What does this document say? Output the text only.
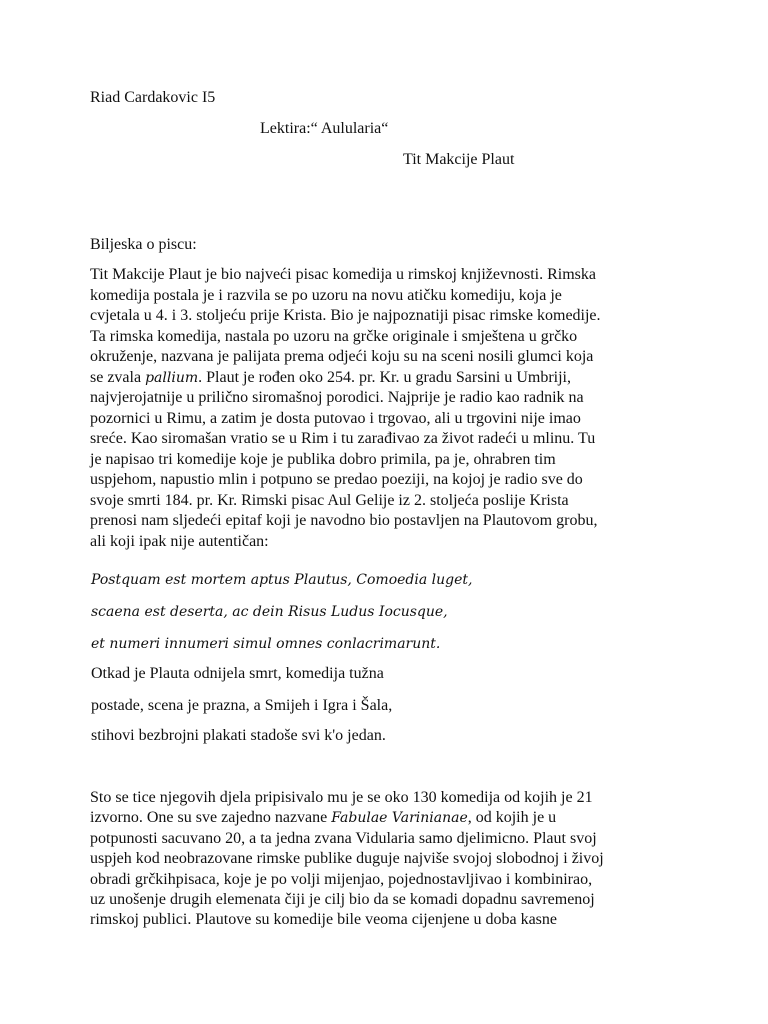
Riad Cardakovic I5
Lektira:“ Aulularia“
Tit Makcije Plaut
Biljeska o piscu:

Tit Makcije Plaut je bio najveći pisac komedija u rimskoj književnosti. Rimska

komedija postala je i razvila se po uzoru na novu atičku komediju, koja je

cvjetala u 4. i 3. stoljeću prije Krista. Bio je najpoznatiji pisac rimske komedije.

Ta rimska komedija, nastala po uzoru na grčke originale i smještena u grčko

okruženje, nazvana je palijata prema odjeći koju su na sceni nosili glumci koja

se zvala pallium. Plaut je rođen oko 254. pr. Kr. u gradu Sarsini u Umbriji,

najvjerojatnije u prilično siromašnoj porodici. Najprije je radio kao radnik na

pozornici u Rimu, a zatim je dosta putovao i trgovao, ali u trgovini nije imao

sreće. Kao siromašan vratio se u Rim i tu zarađivao za život radeći u mlinu. Tu

je napisao tri komedije koje je publika dobro primila, pa je, ohrabren tim

uspjehom, napustio mlin i potpuno se predao poeziji, na kojoj je radio sve do

svoje smrti 184. pr. Kr. Rimski pisac Aul Gelije iz 2. stoljeća poslije Krista

prenosi nam sljedeći epitaf koji je navodno bio postavljen na Plautovom grobu,

ali koji ipak nije autentičan:

Postquam est mortem aptus Plautus, Comoedia luget,
scaena est deserta, ac dein Risus Ludus Iocusque,
et numeri innumeri simul omnes conlacrimarunt.
Otkad je Plauta odnijela smrt, komedija tužna
postade, scena je prazna, a Smijeh i Igra i Šala,
stihovi bezbrojni plakati stadoše svi k'o jedan.

Sto se tice njegovih djela pripisivalo mu je se oko 130 komedija od kojih je 21

izvorno. One su sve zajedno nazvane Fabulae Varinianae, od kojih je u

potpunosti sacuvano 20, a ta jedna zvana Vidularia samo djelimicno. Plaut svoj

uspjeh kod neobrazovane rimske publike duguje najviše svojoj slobodnoj i živoj

obradi grčkihpisaca, koje je po volji mijenjao, pojednostavljivao i kombinirao,

uz unošenje drugih elemenata čiji je cilj bio da se komadi dopadnu savremenoj

rimskoj publici. Plautove su komedije bile veoma cijenjene u doba kasne
